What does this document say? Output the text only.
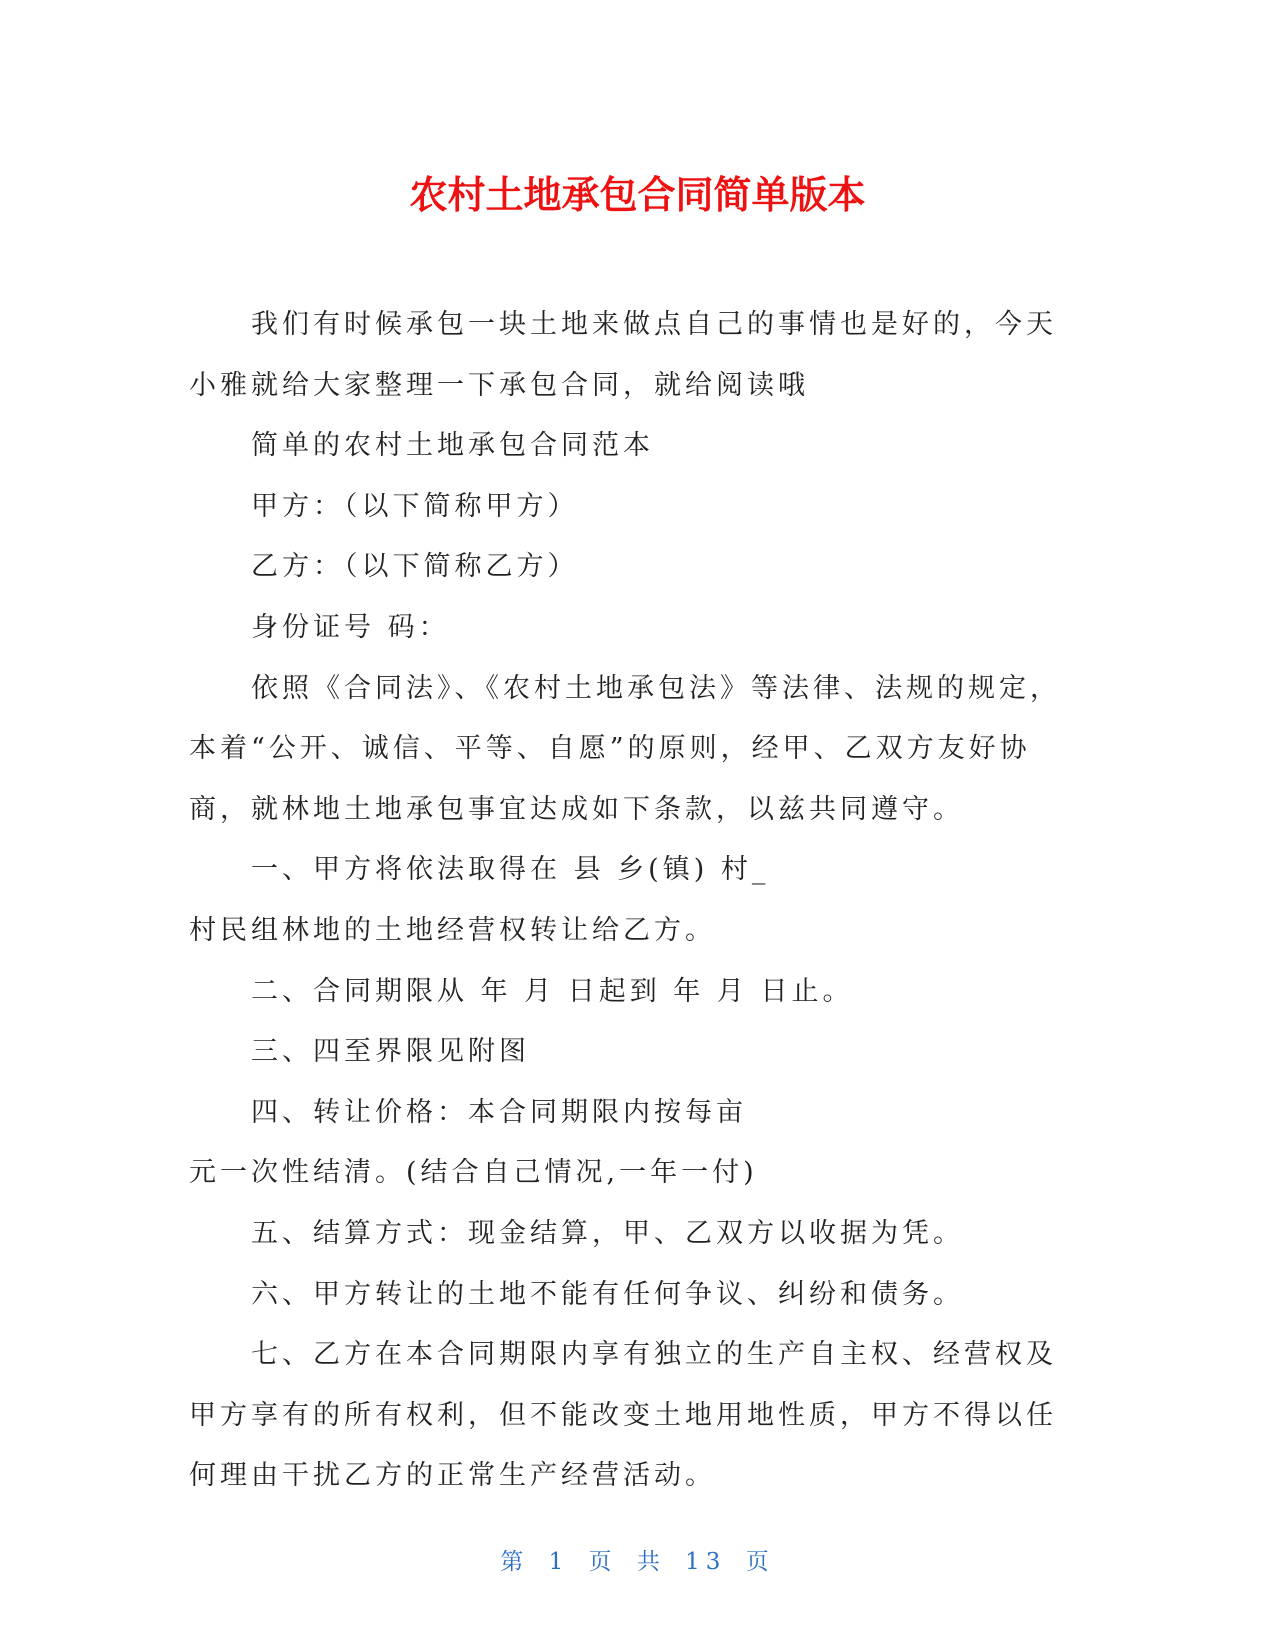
农村土地承包合同简单版本

我们有时候承包一块土地来做点自己的事情也是好的，今天小雅就给大家整理一下承包合同，就给阅读哦

简单的农村土地承包合同范本

甲方：（以下简称甲方）

乙方：（以下简称乙方）

身份证号 码：

依照《合同法》、《农村土地承包法》等法律、法规的规定，本着“公开、诚信、平等、自愿”的原则，经甲、乙双方友好协商，就林地土地承包事宜达成如下条款，以兹共同遵守。

一、甲方将依法取得在 县 乡(镇) 村_

村民组林地的土地经营权转让给乙方。

二、合同期限从 年 月 日起到 年 月 日止。

三、四至界限见附图

四、转让价格：本合同期限内按每亩

元一次性结清。(结合自己情况,一年一付)

五、结算方式：现金结算，甲、乙双方以收据为凭。

六、甲方转让的土地不能有任何争议、纠纷和债务。

七、乙方在本合同期限内享有独立的生产自主权、经营权及甲方享有的所有权利，但不能改变土地用地性质，甲方不得以任何理由干扰乙方的正常生产经营活动。

第 1 页 共 13 页
